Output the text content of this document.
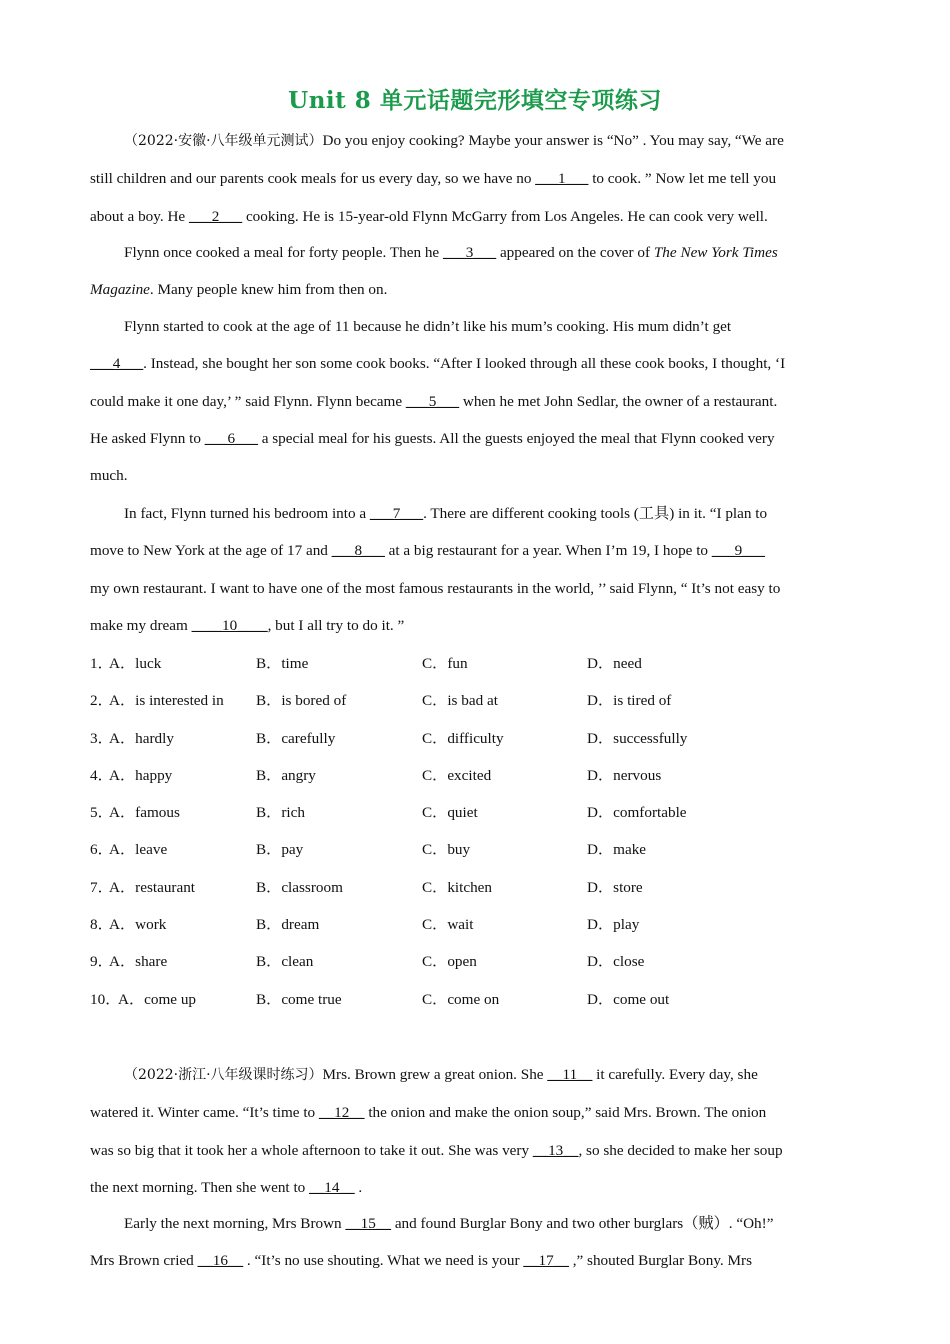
Unit 8 单元话题完形填空专项练习
（2022·安徽·八年级单元测试）Do you enjoy cooking? Maybe your answer is “No” . You may say, “We are
still children and our parents cook meals for us every day, so we have no ___1___ to cook. ” Now let me tell you
about a boy. He ___2___ cooking. He is 15-year-old Flynn McGarry from Los Angeles. He can cook very well.
Flynn once cooked a meal for forty people. Then he ___3___ appeared on the cover of The New York Times
Magazine. Many people knew him from then on.
Flynn started to cook at the age of 11 because he didn’t like his mum’s cooking. His mum didn’t get
___4___. Instead, she bought her son some cook books. “After I looked through all these cook books, I thought, ‘I
could make it one day,’ ” said Flynn. Flynn became ___5___ when he met John Sedlar, the owner of a restaurant.
He asked Flynn to ___6___ a special meal for his guests. All the guests enjoyed the meal that Flynn cooked very
much.
In fact, Flynn turned his bedroom into a ___7___. There are different cooking tools (工具) in it. “I plan to
move to New York at the age of 17 and ___8___ at a big restaurant for a year. When I’m 19, I hope to ___9___
my own restaurant. I want to have one of the most famous restaurants in the world, ’’ said Flynn, “ It’s not easy to
make my dream ____10____, but I all try to do it. ”
1．
A．luck	B．time	C．fun	D．need
2．
A．is interested in B．is bored of	C．is bad at	D．is tired of
3．
A．hardly	B．carefully	C．difficulty	D．successfully
4．
A．happy	B．angry	C．excited	D．nervous
5．
A．famous	B．rich	C．quiet	D．comfortable
6．
A．leave	B．pay	C．buy	D．make
7．
A．restaurant	B．classroom	C．kitchen	D．store
8．
A．work	B．dream	C．wait	D．play
9．
A．share	B．clean	C．open	D．close
10．
A．come up	B．come true	C．come on	D．come out
（2022·浙江·八年级课时练习）Mrs. Brown grew a great onion. She __11__ it carefully. Every day, she
watered it. Winter came. “It’s time to __12__ the onion and make the onion soup,” said Mrs. Brown. The onion
was so big that it took her a whole afternoon to take it out. She was very __13__, so she decided to make her soup
the next morning. Then she went to __14__ .
Early the next morning, Mrs Brown __15__ and found Burglar Bony and two other burglars（贼）. “Oh!”
Mrs Brown cried __16__ . “It’s no use shouting. What we need is your __17__ ,” shouted Burglar Bony. Mrs
